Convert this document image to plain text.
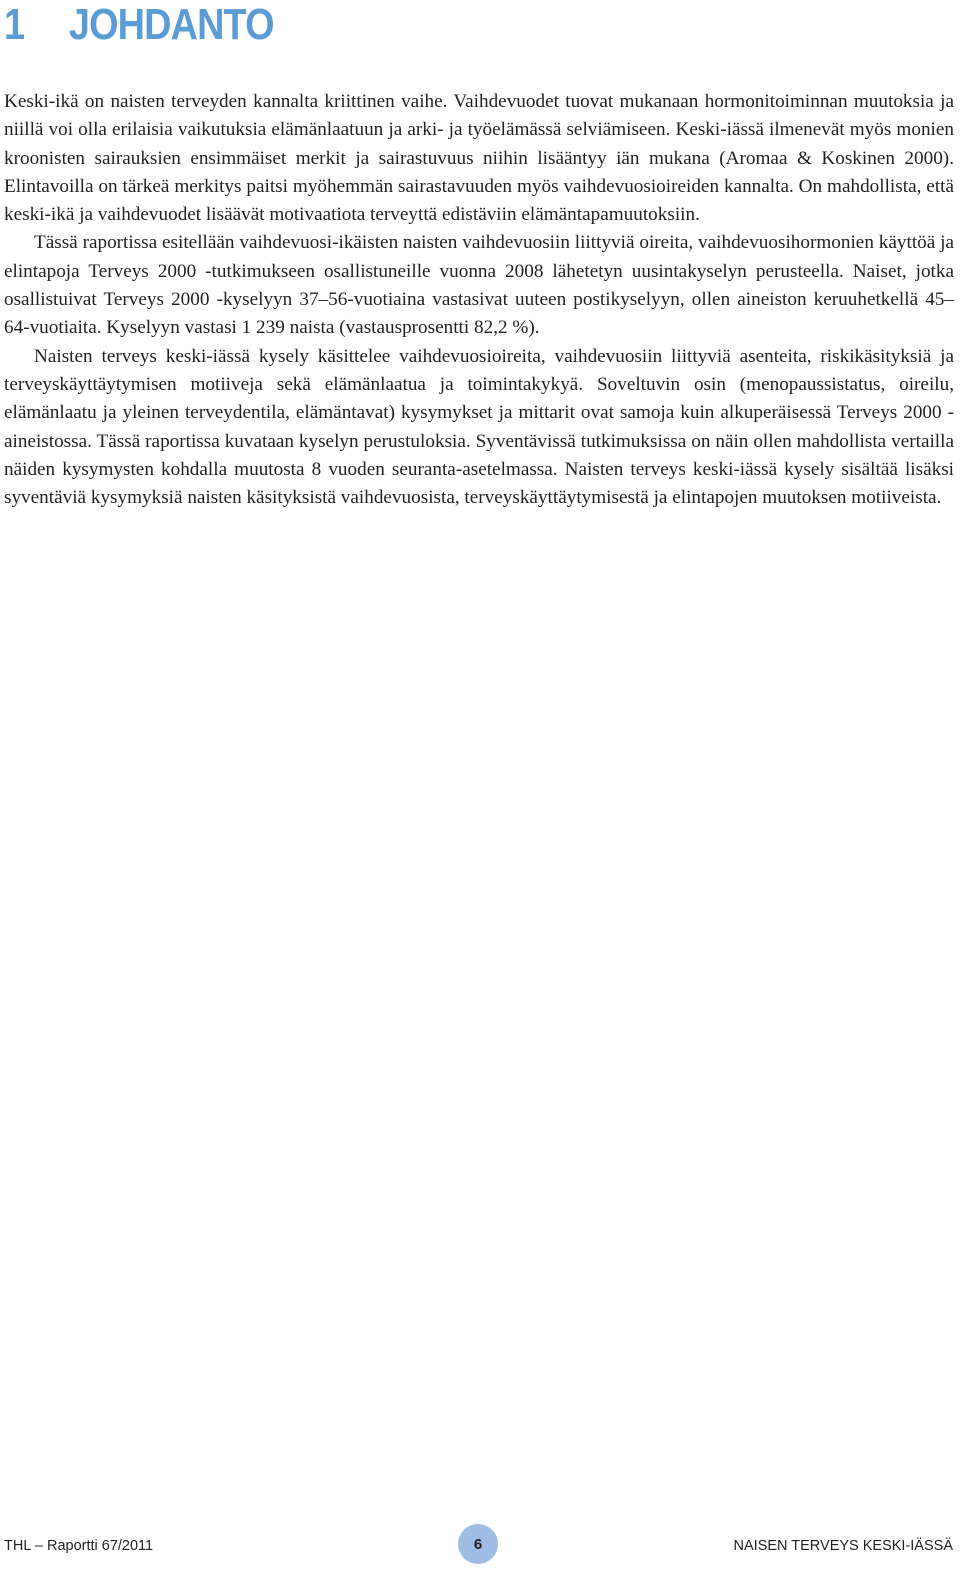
1 JOHDANTO

Keski-ikä on naisten terveyden kannalta kriittinen vaihe. Vaihdevuodet tuovat mukanaan hormonitoiminnan muutoksia ja niillä voi olla erilaisia vaikutuksia elämänlaatuun ja arki- ja työelämässä selviämiseen. Keski-iässä ilmenevät myös monien kroonisten sairauksien ensimmäiset merkit ja sairastuvuus niihin lisääntyy iän mukana (Aromaa & Koskinen 2000). Elintavoilla on tärkeä merkitys paitsi myöhemmän sairastavuuden myös vaihdevuosioireiden kannalta. On mahdollista, että keski-ikä ja vaihdevuodet lisäävät motivaatiota terveyttä edistäviin elämäntapamuutoksiin.

Tässä raportissa esitellään vaihdevuosi-ikäisten naisten vaihdevuosiin liittyviä oireita, vaihdevuosihormonien käyttöä ja elintapoja Terveys 2000 -tutkimukseen osallistuneille vuonna 2008 lähetetyn uusintakyselyn perusteella. Naiset, jotka osallistuivat Terveys 2000 -kyselyyn 37–56-vuotiaina vastasivat uuteen postikyselyyn, ollen aineiston keruuhetkellä 45–64-vuotiaita. Kyselyyn vastasi 1 239 naista (vastausprosentti 82,2 %).

Naisten terveys keski-iässä kysely käsittelee vaihdevuosioireita, vaihdevuosiin liittyviä asenteita, riskikäsityksiä ja terveyskäyttäytymisen motiiveja sekä elämänlaatua ja toimintakykyä. Soveltuvin osin (menopaussistatus, oireilu, elämänlaatu ja yleinen terveydentila, elämäntavat) kysymykset ja mittarit ovat samoja kuin alkuperäisessä Terveys 2000 -aineistossa. Tässä raportissa kuvataan kyselyn perustuloksia. Syventävissä tutkimuksissa on näin ollen mahdollista vertailla näiden kysymysten kohdalla muutosta 8 vuoden seuranta-asetelmassa. Naisten terveys keski-iässä kysely sisältää lisäksi syventäviä kysymyksiä naisten käsityksistä vaihdevuosista, terveyskäyttäytymisestä ja elintapojen muutoksen motiiveista.

THL – Raportti 67/2011	6	NAISEN TERVEYS KESKI-IÄSSÄ
